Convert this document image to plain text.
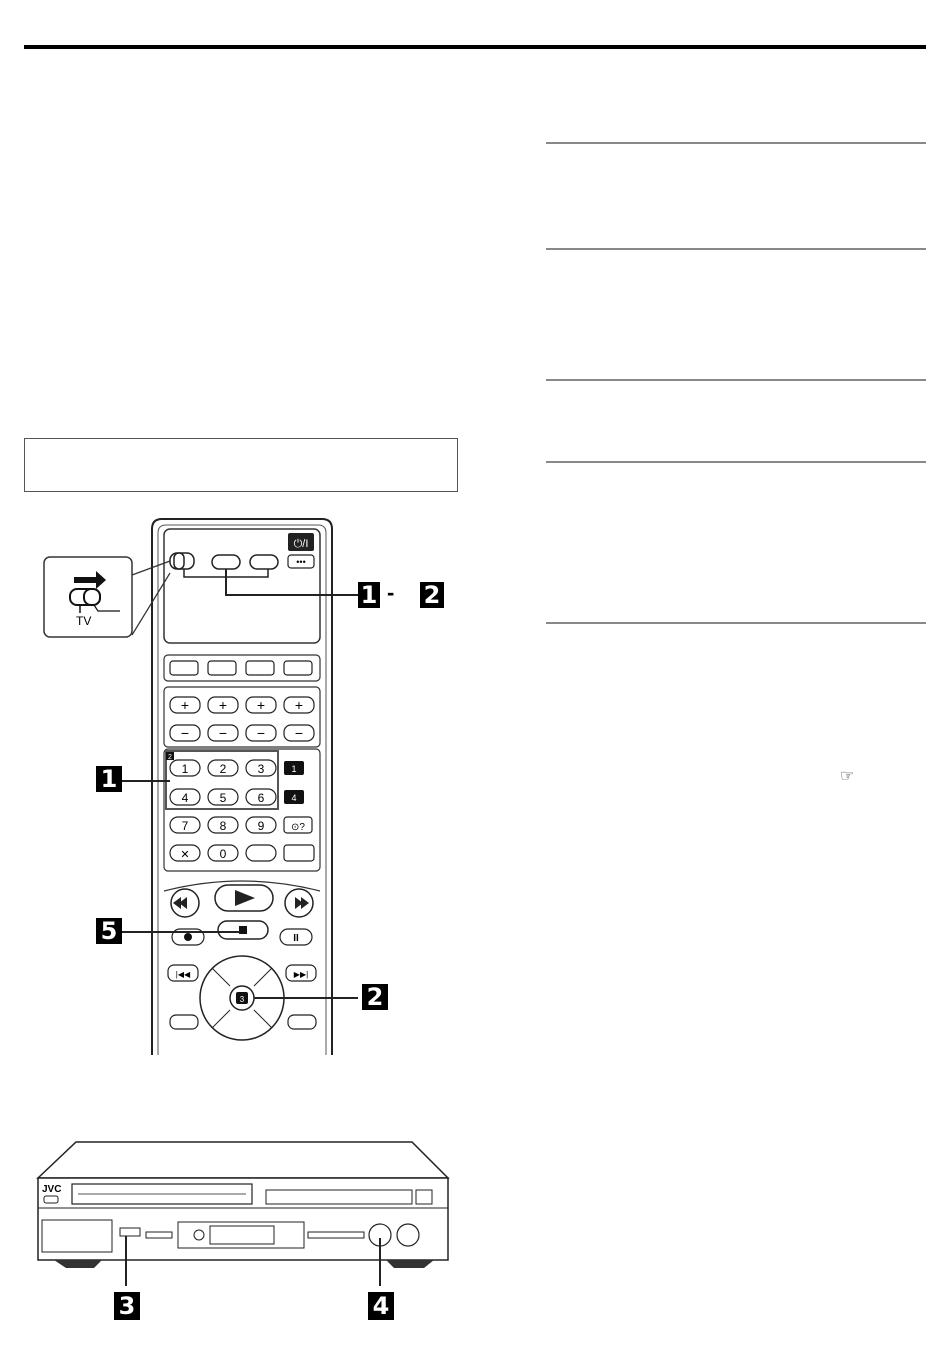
☞
⏻/I
•••
TV
+ + + +
− − − −
2
1	2	3
4	5	6
7	8	9
✕	0
1
4
⊙?
II
|◀◀	▶▶|
3
1 - 2
1
5
2
JVC
3	4
